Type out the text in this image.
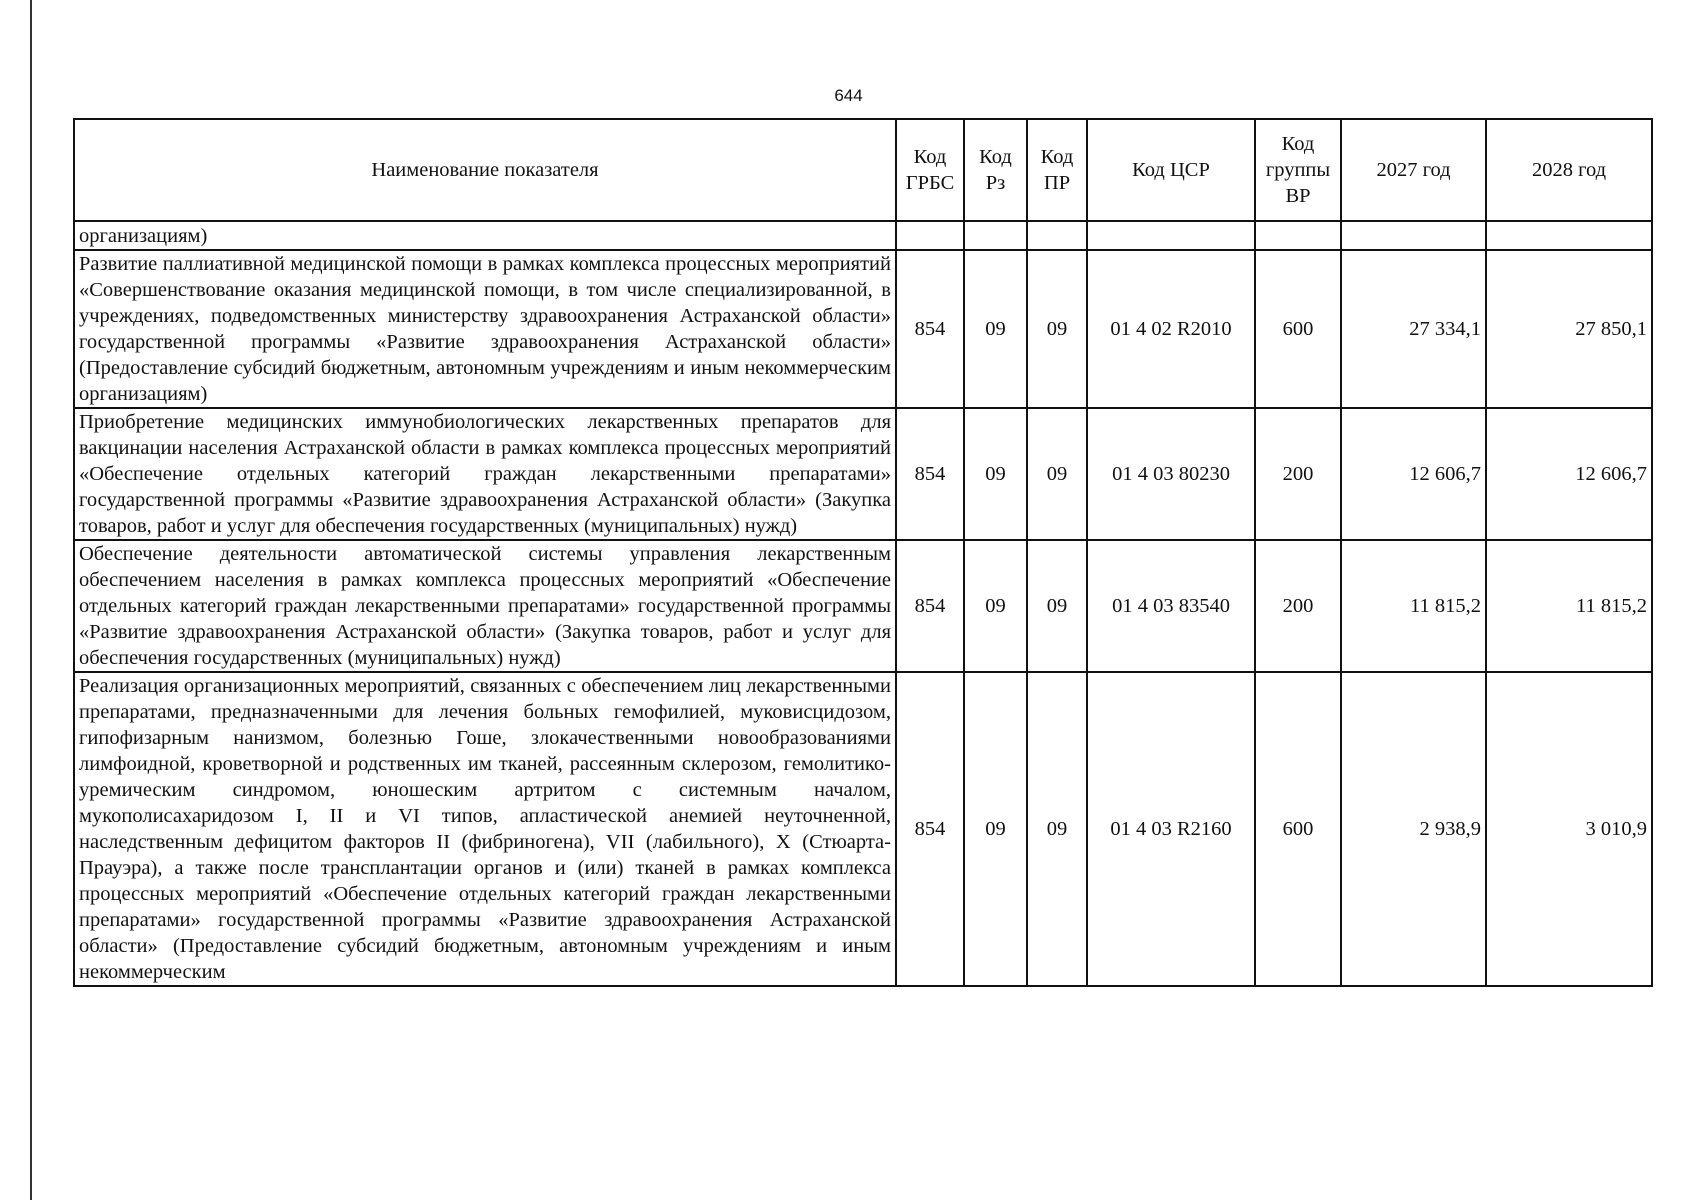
644
Наименование показателя	Код ГРБС	Код Рз	Код ПР	Код ЦСР	Код группы ВР	2027 год	2028 год
организациям)							
Развитие паллиативной медицинской помощи в рамках комплекса процессных мероприятий «Совершенствование оказания медицинской помощи, в том числе специализированной, в учреждениях, подведомственных министерству здравоохранения Астраханской области» государственной программы «Развитие здравоохранения Астраханской области» (Предоставление субсидий бюджетным, автономным учреждениям и иным некоммерческим организациям)	854	09	09	01 4 02 R2010	600	27 334,1	27 850,1
Приобретение медицинских иммунобиологических лекарственных препаратов для вакцинации населения Астраханской области в рамках комплекса процессных мероприятий «Обеспечение отдельных категорий граждан лекарственными препаратами» государственной программы «Развитие здравоохранения Астраханской области» (Закупка товаров, работ и услуг для обеспечения государственных (муниципальных) нужд)	854	09	09	01 4 03 80230	200	12 606,7	12 606,7
Обеспечение деятельности автоматической системы управления лекарственным обеспечением населения в рамках комплекса процессных мероприятий «Обеспечение отдельных категорий граждан лекарственными препаратами» государственной программы «Развитие здравоохранения Астраханской области» (Закупка товаров, работ и услуг для обеспечения государственных (муниципальных) нужд)	854	09	09	01 4 03 83540	200	11 815,2	11 815,2
Реализация организационных мероприятий, связанных с обеспечением лиц лекарственными препаратами, предназначенными для лечения больных гемофилией, муковисцидозом, гипофизарным нанизмом, болезнью Гоше, злокачественными новообразованиями лимфоидной, кроветворной и родственных им тканей, рассеянным склерозом, гемолитико-уремическим синдромом, юношеским артритом с системным началом, мукополисахаридозом I, II и VI типов, апластической анемией неуточненной, наследственным дефицитом факторов II (фибриногена), VII (лабильного), X (Стюарта-Прауэра), а также после трансплантации органов и (или) тканей в рамках комплекса процессных мероприятий «Обеспечение отдельных категорий граждан лекарственными препаратами» государственной программы «Развитие здравоохранения Астраханской области» (Предоставление субсидий бюджетным, автономным учреждениям и иным некоммерческим	854	09	09	01 4 03 R2160	600	2 938,9	3 010,9
